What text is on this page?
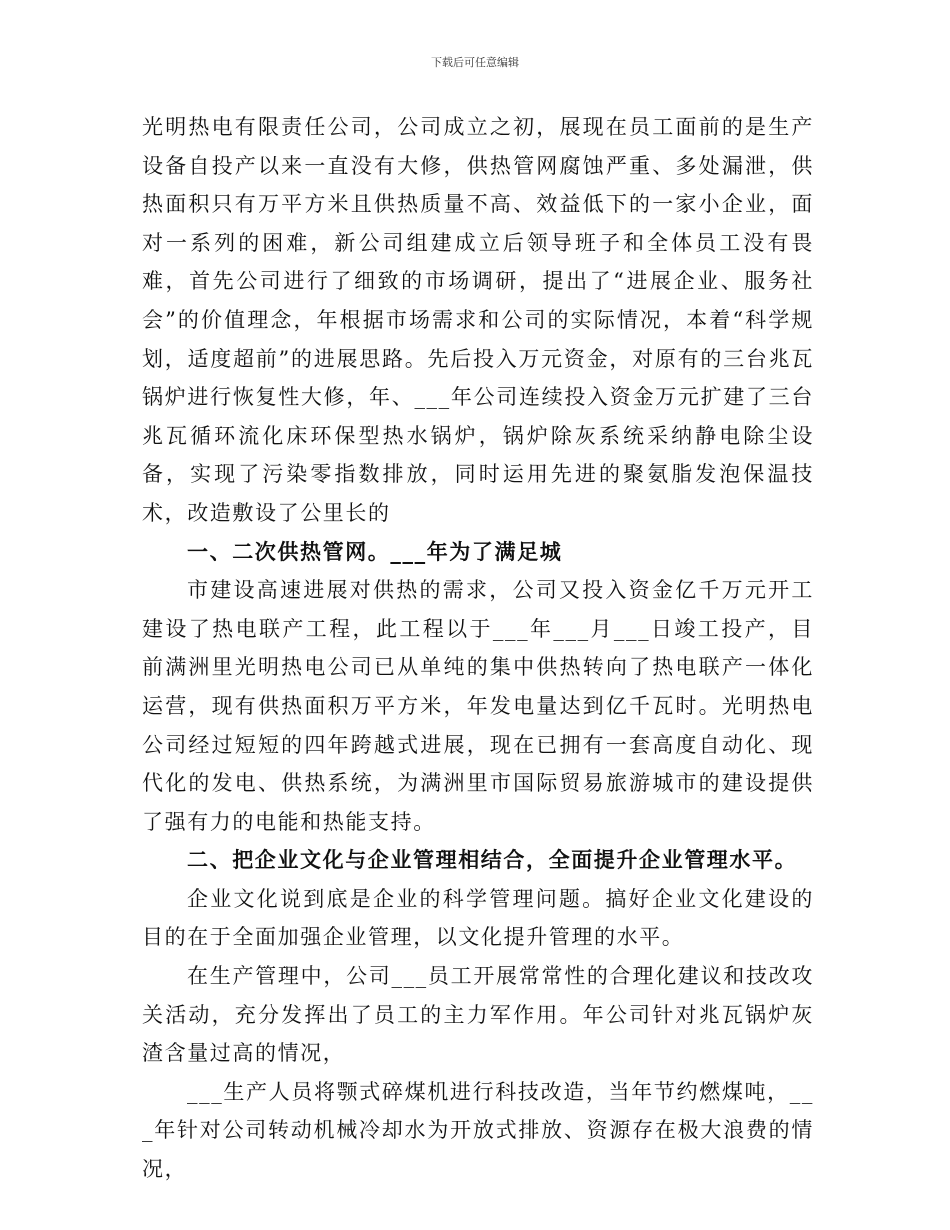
下载后可任意编辑

光明热电有限责任公司，公司成立之初，展现在员工面前的是生产设备自投产以来一直没有大修，供热管网腐蚀严重、多处漏泄，供热面积只有万平方米且供热质量不高、效益低下的一家小企业，面对一系列的困难，新公司组建成立后领导班子和全体员工没有畏难，首先公司进行了细致的市场调研，提出了“进展企业、服务社会”的价值理念，年根据市场需求和公司的实际情况，本着“科学规划，适度超前”的进展思路。先后投入万元资金，对原有的三台兆瓦锅炉进行恢复性大修，年、___年公司连续投入资金万元扩建了三台兆瓦循环流化床环保型热水锅炉，锅炉除灰系统采纳静电除尘设备，实现了污染零指数排放，同时运用先进的聚氨脂发泡保温技术，改造敷设了公里长的

一、二次供热管网。___年为了满足城

市建设高速进展对供热的需求，公司又投入资金亿千万元开工建设了热电联产工程，此工程以于___年___月___日竣工投产，目前满洲里光明热电公司已从单纯的集中供热转向了热电联产一体化运营，现有供热面积万平方米，年发电量达到亿千瓦时。光明热电公司经过短短的四年跨越式进展，现在已拥有一套高度自动化、现代化的发电、供热系统，为满洲里市国际贸易旅游城市的建设提供了强有力的电能和热能支持。

二、把企业文化与企业管理相结合，全面提升企业管理水平。

企业文化说到底是企业的科学管理问题。搞好企业文化建设的目的在于全面加强企业管理，以文化提升管理的水平。

在生产管理中，公司___员工开展常常性的合理化建议和技改攻关活动，充分发挥出了员工的主力军作用。年公司针对兆瓦锅炉灰渣含量过高的情况，

___生产人员将颚式碎煤机进行科技改造，当年节约燃煤吨，___年针对公司转动机械冷却水为开放式排放、资源存在极大浪费的情况，
